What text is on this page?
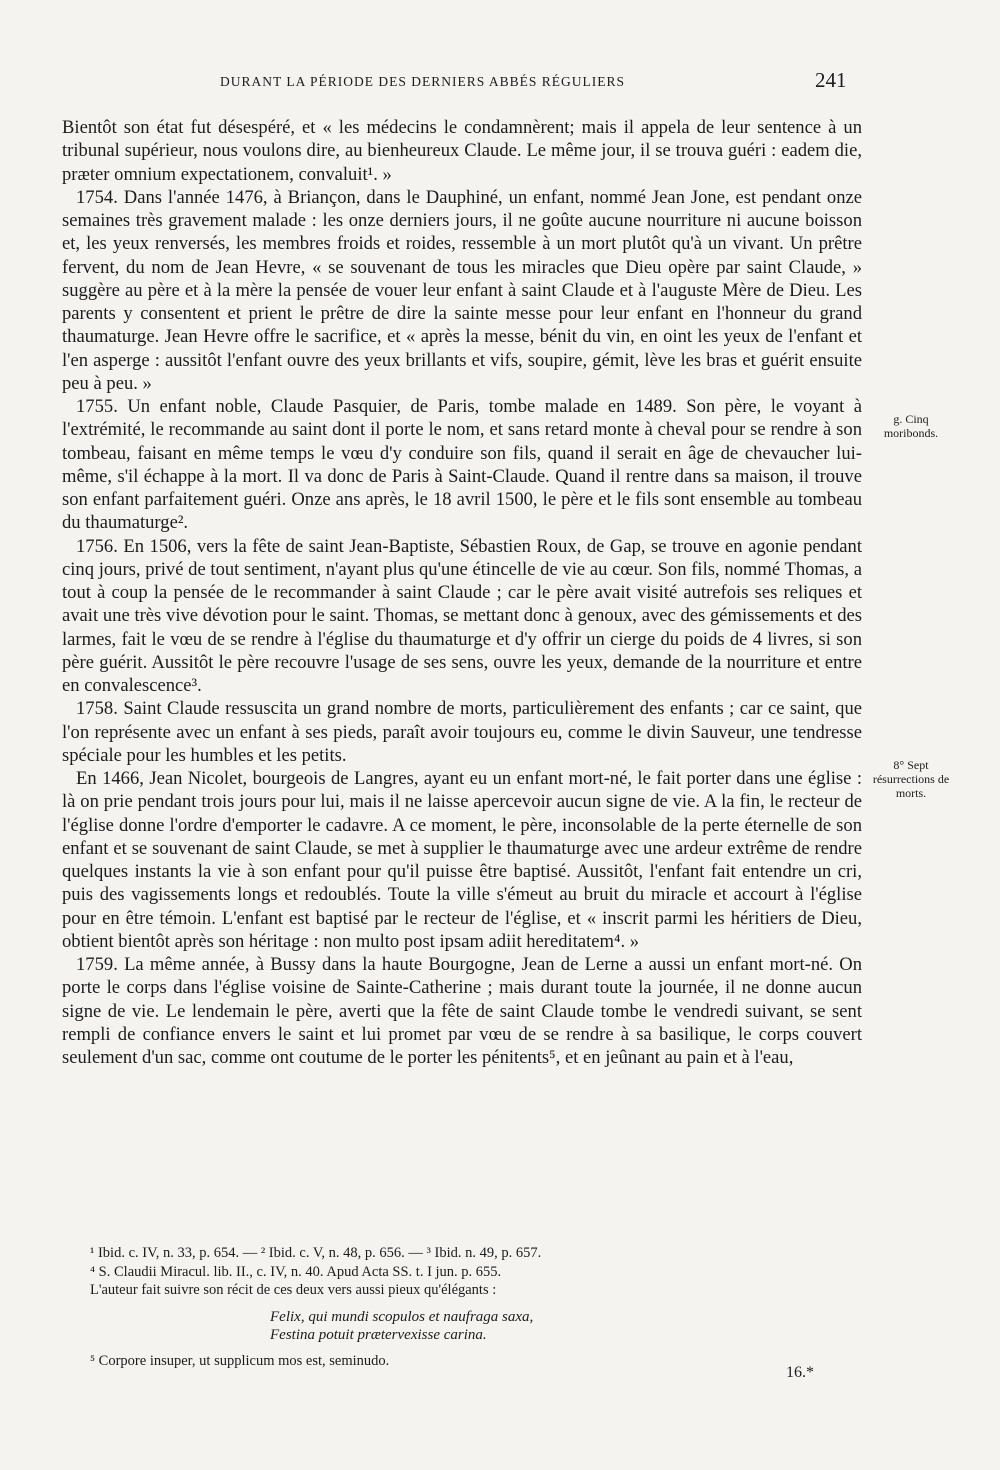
DURANT LA PÉRIODE DES DERNIERS ABBÉS RÉGULIERS	241

Bientôt son état fut désespéré, et « les médecins le condamnèrent; mais il appela de leur sentence à un tribunal supérieur, nous voulons dire, au bienheureux Claude. Le même jour, il se trouva guéri : eadem die, præter omnium expectationem, convaluit¹. »

1754. Dans l'année 1476, à Briançon, dans le Dauphiné, un enfant, nommé Jean Jone, est pendant onze semaines très gravement malade : les onze derniers jours, il ne goûte aucune nourriture ni aucune boisson et, les yeux renversés, les membres froids et roides, ressemble à un mort plutôt qu'à un vivant. Un prêtre fervent, du nom de Jean Hevre, « se souvenant de tous les miracles que Dieu opère par saint Claude, » suggère au père et à la mère la pensée de vouer leur enfant à saint Claude et à l'auguste Mère de Dieu. Les parents y consentent et prient le prêtre de dire la sainte messe pour leur enfant en l'honneur du grand thaumaturge. Jean Hevre offre le sacrifice, et « après la messe, bénit du vin, en oint les yeux de l'enfant et l'en asperge : aussitôt l'enfant ouvre des yeux brillants et vifs, soupire, gémit, lève les bras et guérit ensuite peu à peu. »

1755. Un enfant noble, Claude Pasquier, de Paris, tombe malade en 1489. Son père, le voyant à l'extrémité, le recommande au saint dont il porte le nom, et sans retard monte à cheval pour se rendre à son tombeau, faisant en même temps le vœu d'y conduire son fils, quand il serait en âge de chevaucher lui-même, s'il échappe à la mort. Il va donc de Paris à Saint-Claude. Quand il rentre dans sa maison, il trouve son enfant parfaitement guéri. Onze ans après, le 18 avril 1500, le père et le fils sont ensemble au tombeau du thaumaturge².

1756. En 1506, vers la fête de saint Jean-Baptiste, Sébastien Roux, de Gap, se trouve en agonie pendant cinq jours, privé de tout sentiment, n'ayant plus qu'une étincelle de vie au cœur. Son fils, nommé Thomas, a tout à coup la pensée de le recommander à saint Claude ; car le père avait visité autrefois ses reliques et avait une très vive dévotion pour le saint. Thomas, se mettant donc à genoux, avec des gémissements et des larmes, fait le vœu de se rendre à l'église du thaumaturge et d'y offrir un cierge du poids de 4 livres, si son père guérit. Aussitôt le père recouvre l'usage de ses sens, ouvre les yeux, demande de la nourriture et entre en convalescence³.

1758. Saint Claude ressuscita un grand nombre de morts, particulièrement des enfants ; car ce saint, que l'on représente avec un enfant à ses pieds, paraît avoir toujours eu, comme le divin Sauveur, une tendresse spéciale pour les humbles et les petits.

En 1466, Jean Nicolet, bourgeois de Langres, ayant eu un enfant mort-né, le fait porter dans une église : là on prie pendant trois jours pour lui, mais il ne laisse apercevoir aucun signe de vie. A la fin, le recteur de l'église donne l'ordre d'emporter le cadavre. A ce moment, le père, inconsolable de la perte éternelle de son enfant et se souvenant de saint Claude, se met à supplier le thaumaturge avec une ardeur extrême de rendre quelques instants la vie à son enfant pour qu'il puisse être baptisé. Aussitôt, l'enfant fait entendre un cri, puis des vagissements longs et redoublés. Toute la ville s'émeut au bruit du miracle et accourt à l'église pour en être témoin. L'enfant est baptisé par le recteur de l'église, et « inscrit parmi les héritiers de Dieu, obtient bientôt après son héritage : non multo post ipsam adiit hereditatem⁴. »

1759. La même année, à Bussy dans la haute Bourgogne, Jean de Lerne a aussi un enfant mort-né. On porte le corps dans l'église voisine de Sainte-Catherine ; mais durant toute la journée, il ne donne aucun signe de vie. Le lendemain le père, averti que la fête de saint Claude tombe le vendredi suivant, se sent rempli de confiance envers le saint et lui promet par vœu de se rendre à sa basilique, le corps couvert seulement d'un sac, comme ont coutume de le porter les pénitents⁵, et en jeûnant au pain et à l'eau,

g. Cinq moribonds.
8° Sept résurrections de morts.

¹ Ibid. c. IV, n. 33, p. 654. — ² Ibid. c. V, n. 48, p. 656. — ³ Ibid. n. 49, p. 657.

⁴ S. Claudii Miracul. lib. II., c. IV, n. 40. Apud Acta SS. t. I jun. p. 655.

L'auteur fait suivre son récit de ces deux vers aussi pieux qu'élégants :

Felix, qui mundi scopulos et naufraga saxa,
Festina potuit prætervexisse carina.

⁵ Corpore insuper, ut supplicum mos est, seminudo.

16.*
